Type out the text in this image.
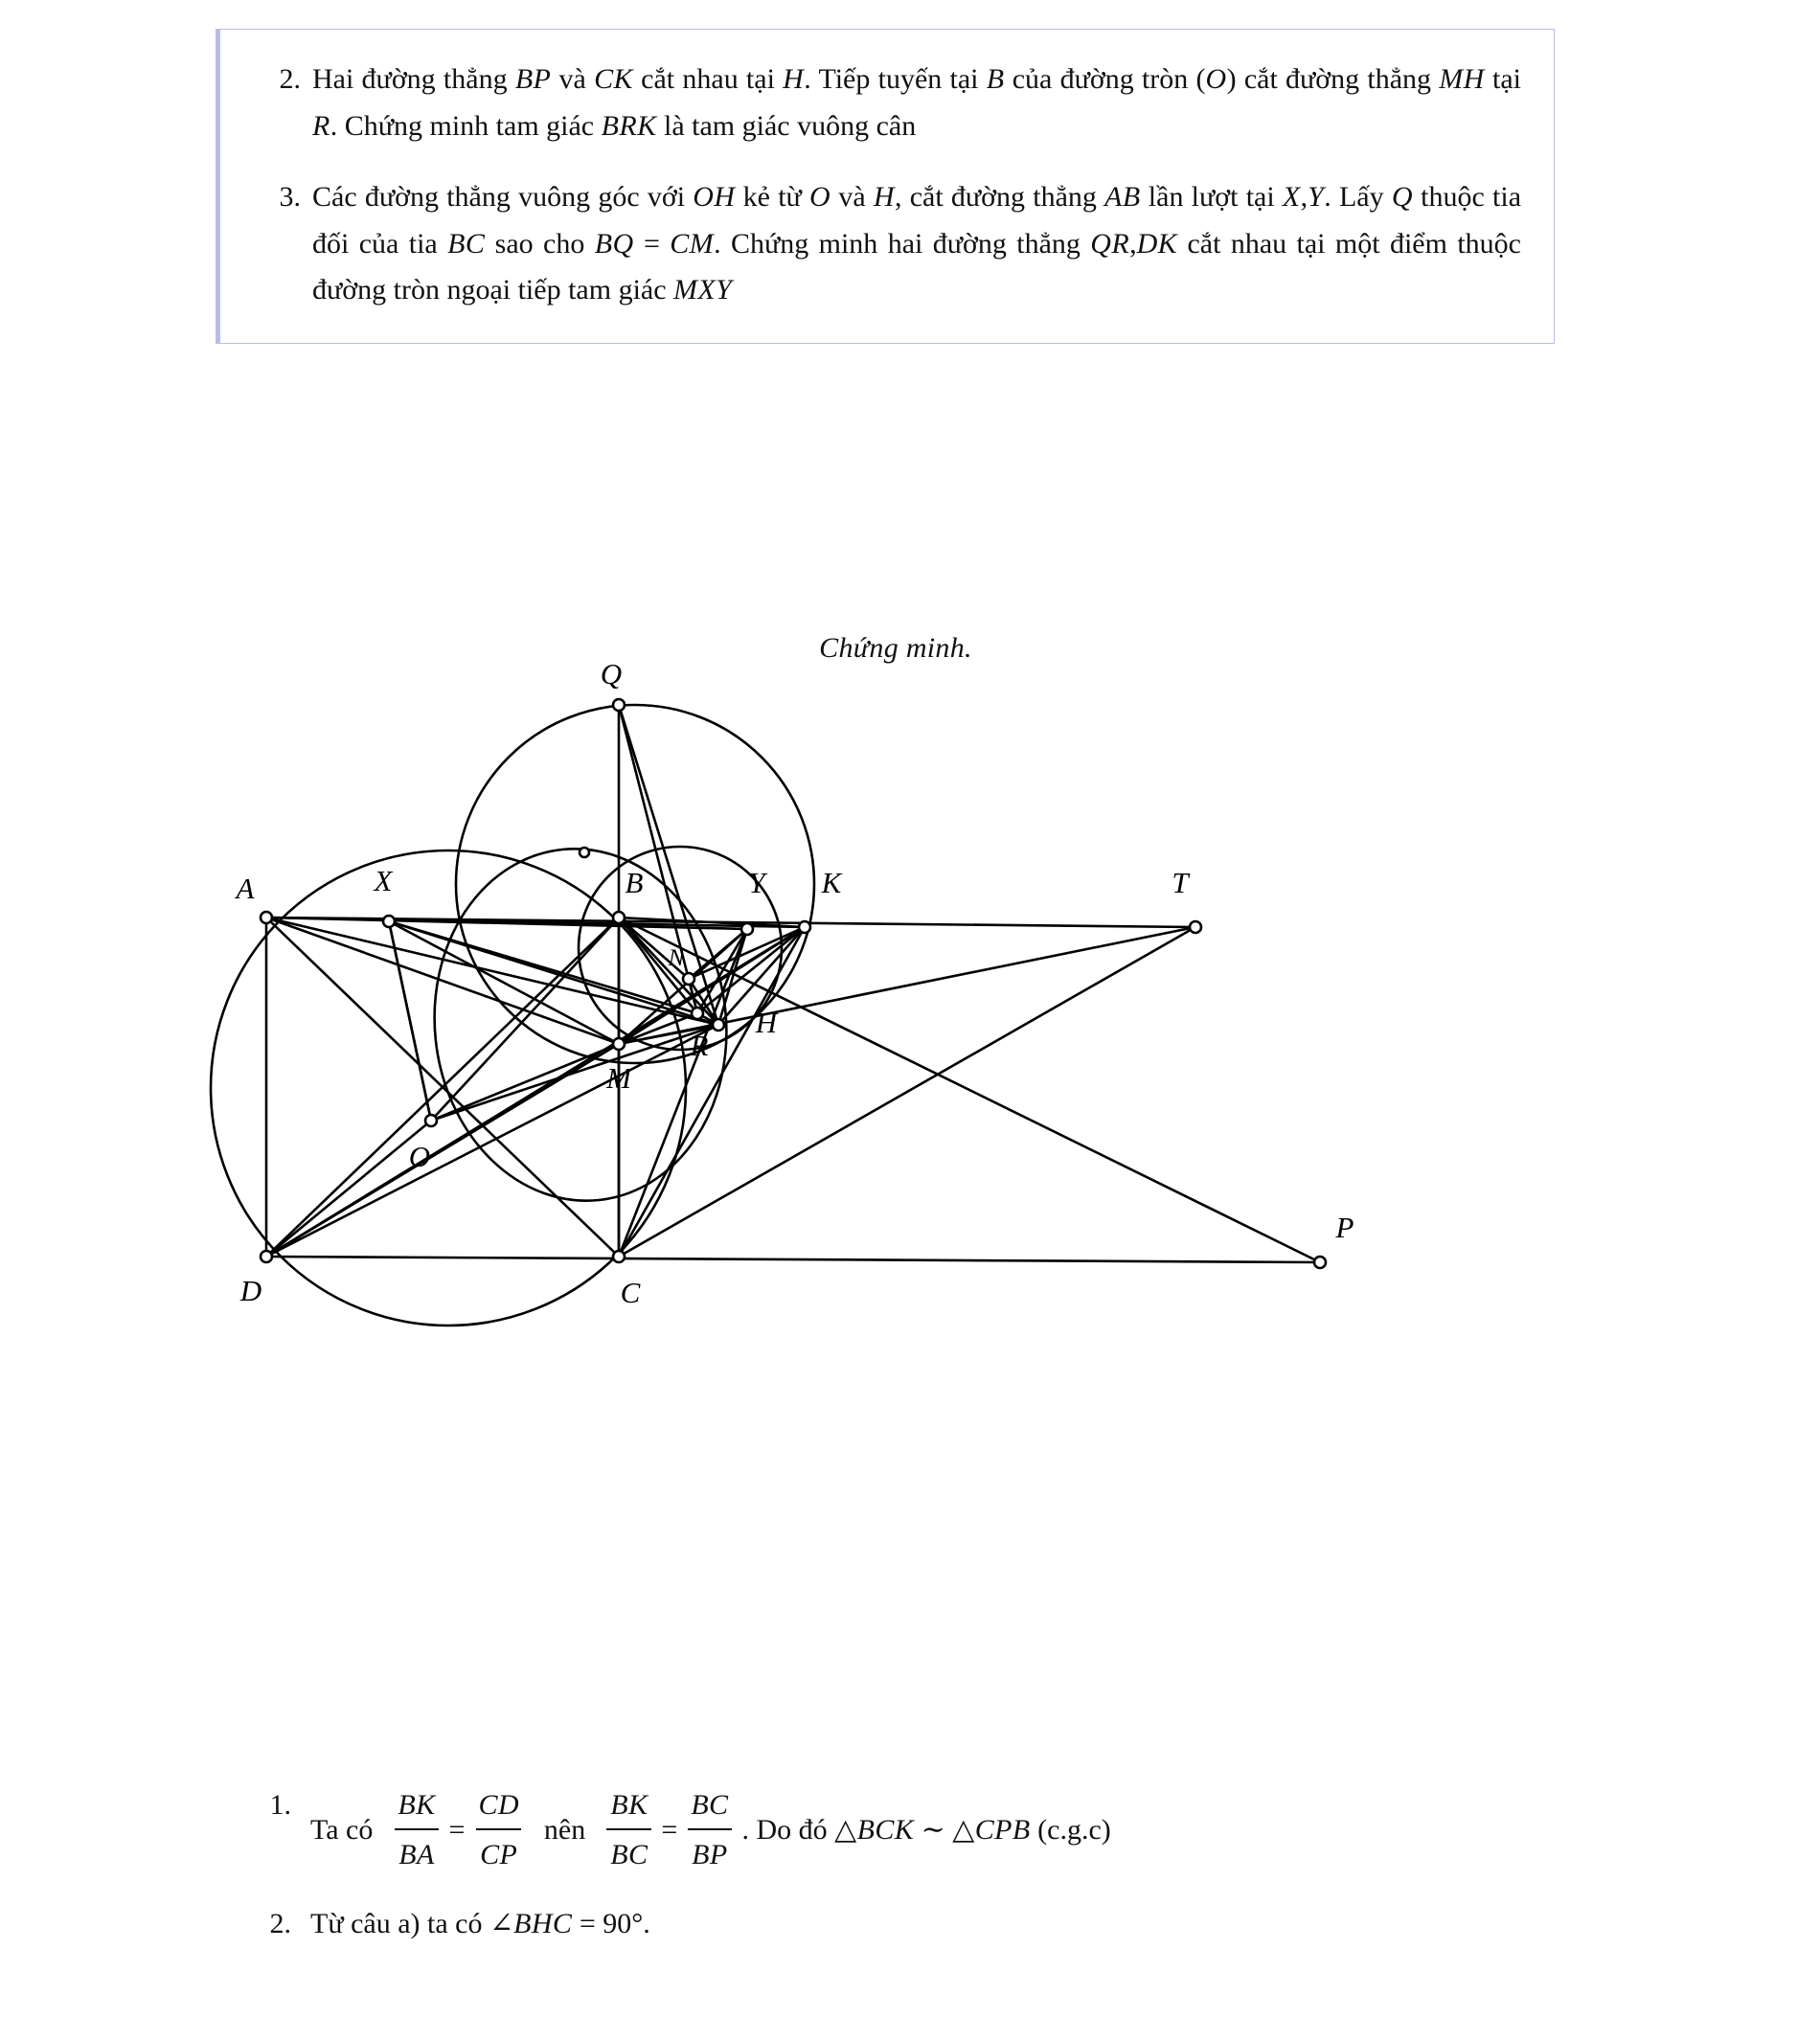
2. Hai đường thẳng BP và CK cắt nhau tại H. Tiếp tuyến tại B của đường tròn (O) cắt đường thẳng MH tại R. Chứng minh tam giác BRK là tam giác vuông cân
3. Các đường thẳng vuông góc với OH kẻ từ O và H, cắt đường thẳng AB lần lượt tại X,Y. Lấy Q thuộc tia đối của tia BC sao cho BQ = CM. Chứng minh hai đường thẳng QR,DK cắt nhau tại một điểm thuộc đường tròn ngoại tiếp tam giác MXY
Chứng minh.
Q
A	X	B	Y K	T
N
R
H
M
O
D	C
P
1.
Ta có $\frac{BK}{BA} = \frac{CD}{CP}$ nên $\frac{BK}{BC} = \frac{BC}{BP}$ . Do đó △BCK ∼ △CPB (c.g.c)
2. Từ câu a) ta có ∠BHC = 90°.
